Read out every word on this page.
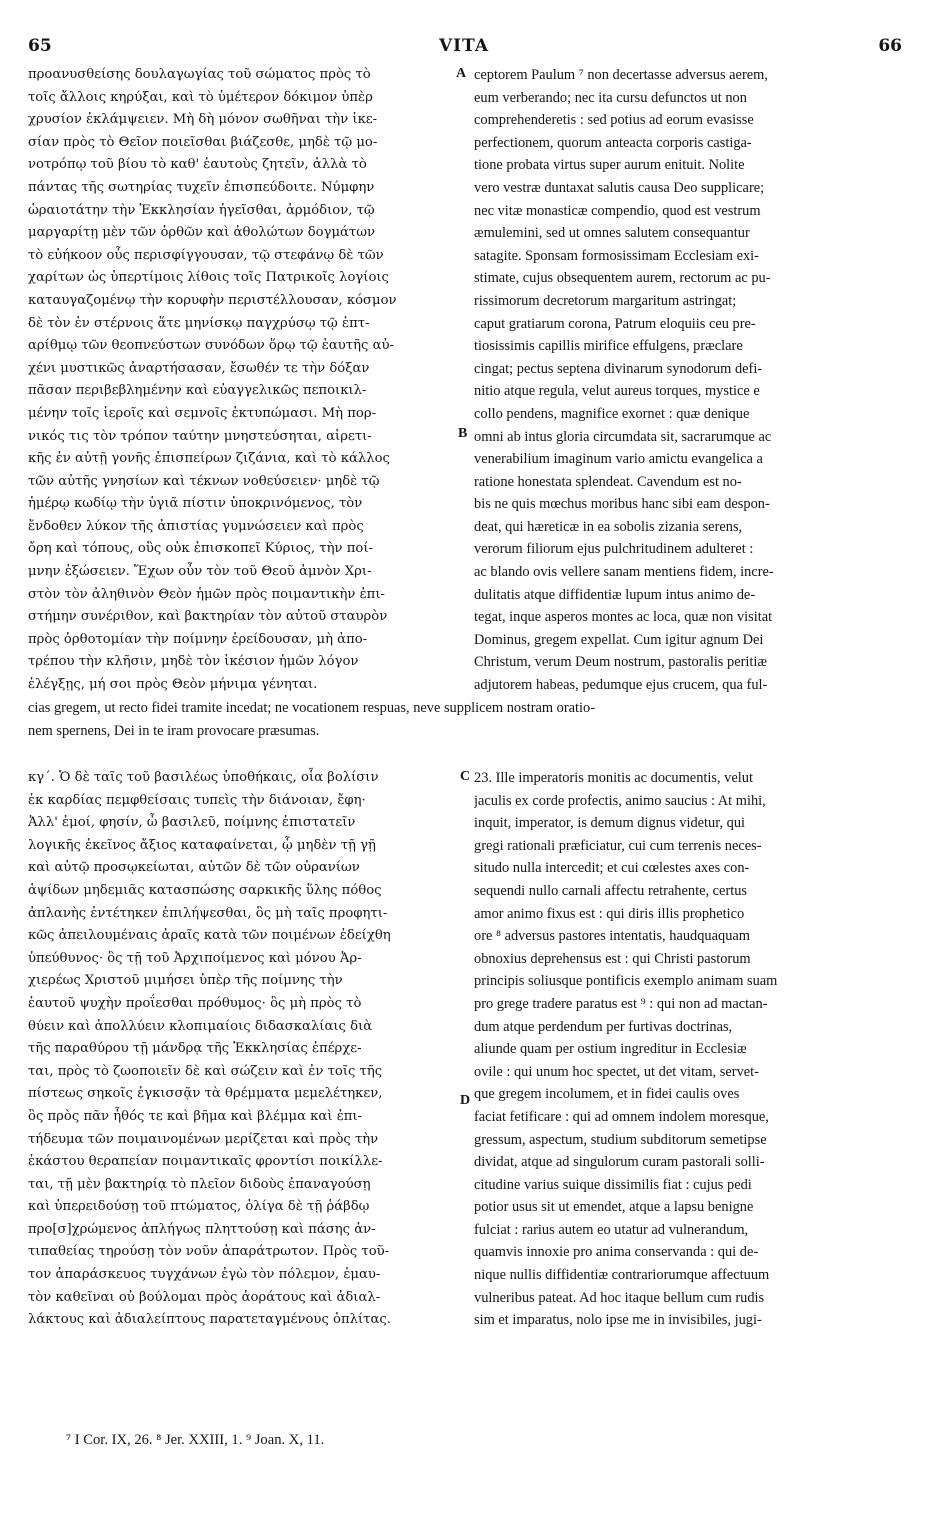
65	VITA	66
προανυσθείσης δουλαγωγίας τοῦ σώματος πρὸς τὸ
τοῖς ἄλλοις κηρύξαι, καὶ τὸ ὑμέτερον δόκιμον ὑπὲρ
χρυσίον ἐκλάμψειεν. Μὴ δὴ μόνον σωθῆναι τὴν ἱκε-
σίαν πρὸς τὸ Θεῖον ποιεῖσθαι βιάζεσθε, μηδὲ τῷ μο-
νοτρόπῳ τοῦ βίου τὸ καθ' ἑαυτοὺς ζητεῖν, ἀλλὰ τὸ
πάντας τῆς σωτηρίας τυχεῖν ἐπισπεύδοιτε. Νύμφην
ὡραιοτάτην τὴν Ἐκκλησίαν ἡγεῖσθαι, ἁρμόδιον, τῷ
μαργαρίτῃ μὲν τῶν ὀρθῶν καὶ ἀθολώτων δογμάτων
τὸ εὐήκοον οὖς περισφίγγουσαν, τῷ στεφάνῳ δὲ τῶν
χαρίτων ὡς ὑπερτίμοις λίθοις τοῖς Πατρικοῖς λογίοις
καταυγαζομένῳ τὴν κορυφὴν περιστέλλουσαν, κόσμον
δὲ τὸν ἐν στέρνοις ἅτε μηνίσκῳ παγχρύσῳ τῷ ἑπτ-
αρίθμῳ τῶν θεοπνεύστων συνόδων ὅρῳ τῷ ἑαυτῆς αὐ-
χένι μυστικῶς ἀναρτήσασαν, ἔσωθέν τε τὴν δόξαν
πᾶσαν περιβεβλημένην καὶ εὐαγγελικῶς πεποικιλ-
μένην τοῖς ἱεροῖς καὶ σεμνοῖς ἐκτυπώμασι. Μὴ πορ-
νικός τις τὸν τρόπον ταύτην μνηστεύσηται, αἱρετι-
κῆς ἐν αὐτῇ γονῆς ἐπισπείρων ζιζάνια, καὶ τὸ κάλλος
τῶν αὐτῆς γνησίων καὶ τέκνων νοθεύσειεν· μηδὲ τῷ
ἡμέρῳ κωδίῳ τὴν ὑγιᾶ πίστιν ὑποκρινόμενος, τὸν
ἔνδοθεν λύκον τῆς ἀπιστίας γυμνώσειεν καὶ πρὸς
ὄρη καὶ τόπους, οὓς οὐκ ἐπισκοπεῖ Κύριος, τὴν ποί-
μνην ἐξώσειεν. Ἔχων οὖν τὸν τοῦ Θεοῦ ἀμνὸν Χρι-
στὸν τὸν ἀληθινὸν Θεὸν ἡμῶν πρὸς ποιμαντικὴν ἐπι-
στήμην συνέριθον, καὶ βακτηρίαν τὸν αὐτοῦ σταυρὸν
πρὸς ὀρθοτομίαν τὴν ποίμνην ἐρείδουσαν, μὴ ἀπο-
τρέπου τὴν κλῆσιν, μηδὲ τὸν ἱκέσιον ἡμῶν λόγον
ἐλέγξῃς, μή σοι πρὸς Θεὸν μήνιμα γένηται.
ceptorem Paulum ⁷ non decertasse adversus aerem,
eum verberando; nec ita cursu defunctos ut non
comprehenderetis : sed potius ad eorum evasisse
perfectionem, quorum anteacta corporis castiga-
tione probata virtus super aurum enituit. Nolite
vero vestræ duntaxat salutis causa Deo supplicare;
nec vitæ monasticæ compendio, quod est vestrum
æmulemini, sed ut omnes salutem consequantur
satagite. Sponsam formosissimam Ecclesiam exi-
stimate, cujus obsequentem aurem, rectorum ac pu-
rissimorum decretorum margaritum astringat;
caput gratiarum corona, Patrum eloquiis ceu pre-
tiosissimis capillis mirifice effulgens, præclare
cingat; pectus septena divinarum synodorum defi-
nitio atque regula, velut aureus torques, mystice e
collo pendens, magnifice exornet : quæ denique
omni ab intus gloria circumdata sit, sacrarumque ac
venerabilium imaginum vario amictu evangelica a
ratione honestata splendeat. Cavendum est no-
bis ne quis mœchus moribus hanc sibi eam despon-
deat, qui hæreticæ in ea sobolis zizania serens,
verorum filiorum ejus pulchritudinem adulteret :
ac blando ovis vellere sanam mentiens fidem, incre-
dulitatis atque diffidentiæ lupum intus animo de-
tegat, inque asperos montes ac loca, quæ non visitat
Dominus, gregem expellat. Cum igitur agnum Dei
Christum, verum Deum nostrum, pastoralis peritiæ
adjutorem habeas, pedumque ejus crucem, qua ful-
A
B
cias gregem, ut recto fidei tramite incedat; ne vocationem respuas, neve supplicem nostram oratio-
nem spernens, Dei in te iram provocare præsumas.
κγ΄. Ὁ δὲ ταῖς τοῦ βασιλέως ὑποθήκαις, οἷα βολίσιν
ἐκ καρδίας πεμφθείσαις τυπεὶς τὴν διάνοιαν, ἔφη·
Ἀλλ' ἐμοί, φησίν, ὦ βασιλεῦ, ποίμνης ἐπιστατεῖν
λογικῆς ἐκεῖνος ἄξιος καταφαίνεται, ᾧ μηδὲν τῇ γῇ
καὶ αὐτῷ προσῳκείωται, αὐτῶν δὲ τῶν οὐρανίων
ἁψίδων μηδεμιᾶς κατασπώσης σαρκικῆς ὕλης πόθος
ἀπλανὴς ἐντέτηκεν ἐπιλήψεσθαι, ὃς μὴ ταῖς προφητι-
κῶς ἀπειλουμέναις ἀραῖς κατὰ τῶν ποιμένων ἐδείχθη
ὑπεύθυνος· ὃς τῇ τοῦ Ἀρχιποίμενος καὶ μόνου Ἀρ-
χιερέως Χριστοῦ μιμήσει ὑπὲρ τῆς ποίμνης τὴν
ἑαυτοῦ ψυχὴν προΐεσθαι πρόθυμος· ὃς μὴ πρὸς τὸ
θύειν καὶ ἀπολλύειν κλοπιμαίοις διδασκαλίαις διὰ
τῆς παραθύρου τῇ μάνδρᾳ τῆς Ἐκκλησίας ἐπέρχε-
ται, πρὸς τὸ ζωοποιεῖν δὲ καὶ σώζειν καὶ ἐν τοῖς τῆς
πίστεως σηκοῖς ἐγκισσᾷν τὰ θρέμματα μεμελέτηκεν,
ὃς πρὸς πᾶν ἦθός τε καὶ βῆμα καὶ βλέμμα καὶ ἐπι-
τήδευμα τῶν ποιμαινομένων μερίζεται καὶ πρὸς τὴν
ἑκάστου θεραπείαν ποιμαντικαῖς φροντίσι ποικίλλε-
ται, τῇ μὲν βακτηρίᾳ τὸ πλεῖον διδοὺς ἐπαναγούσῃ
καὶ ὑπερειδούσῃ τοῦ πτώματος, ὀλίγα δὲ τῇ ῥάβδῳ
προ[σ]χρώμενος ἀπλήγως πληττούσῃ καὶ πάσης ἀν-
τιπαθείας τηρούσῃ τὸν νοῦν ἀπαράτρωτον. Πρὸς τοῦ-
τον ἀπαράσκευος τυγχάνων ἐγὼ τὸν πόλεμον, ἐμαυ-
τὸν καθεῖναι οὐ βούλομαι πρὸς ἀοράτους καὶ ἀδιαλ-
λάκτους καὶ ἀδιαλείπτους παρατεταγμένους ὁπλίτας.
23. Ille imperatoris monitis ac documentis, velut
jaculis ex corde profectis, animo saucius : At mihi,
inquit, imperator, is demum dignus videtur, qui
gregi rationali præficiatur, cui cum terrenis neces-
situdo nulla intercedit; et cui cœlestes axes con-
sequendi nullo carnali affectu retrahente, certus
amor animo fixus est : qui diris illis prophetico
ore ⁸ adversus pastores intentatis, haudquaquam
obnoxius deprehensus est : qui Christi pastorum
principis soliusque pontificis exemplo animam suam
pro grege tradere paratus est ⁹ : qui non ad mactan-
dum atque perdendum per furtivas doctrinas,
aliunde quam per ostium ingreditur in Ecclesiæ
ovile : qui unum hoc spectet, ut det vitam, servet-
que gregem incolumem, et in fidei caulis oves
faciat fetificare : qui ad omnem indolem moresque,
gressum, aspectum, studium subditorum semetipse
dividat, atque ad singulorum curam pastorali solli-
citudine varius suique dissimilis fiat : cujus pedi
potior usus sit ut emendet, atque a lapsu benigne
fulciat : rarius autem eo utatur ad vulnerandum,
quamvis innoxie pro anima conservanda : qui de-
nique nullis diffidentiæ contrariorumque affectuum
vulneribus pateat. Ad hoc itaque bellum cum rudis
sim et imparatus, nolo ipse me in invisibiles, jugi-
C
D
⁷ I Cor. IX, 26. ⁸ Jer. XXIII, 1. ⁹ Joan. X, 11.
